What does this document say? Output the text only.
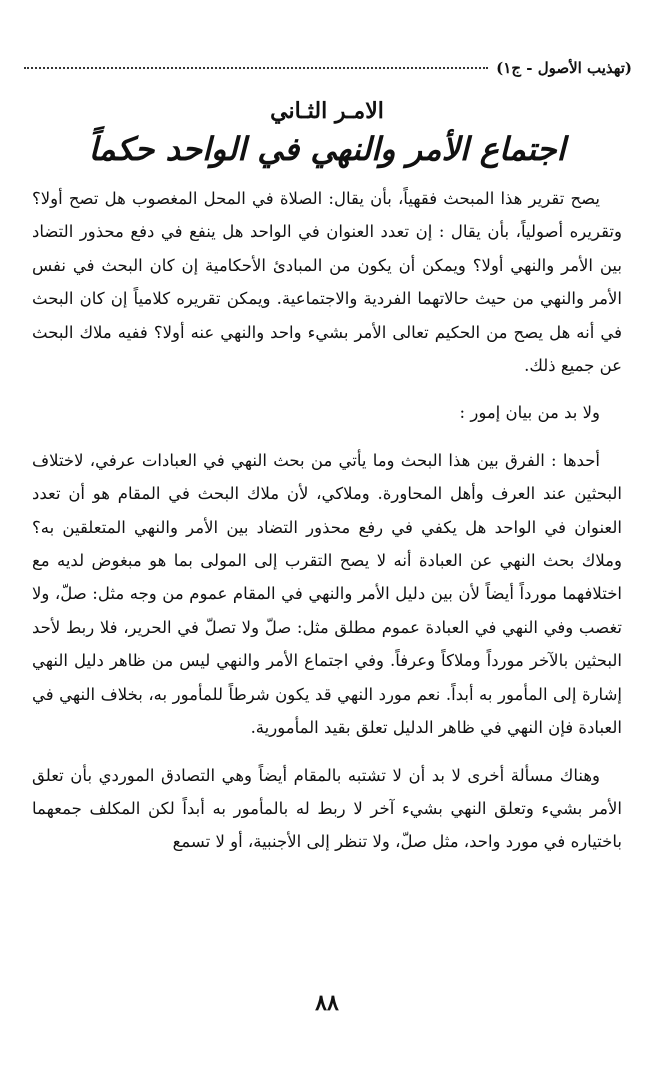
(تهذيب الأصول - ج١)
الامـر الثـاني
اجتماع الأمر والنهي في الواحد حكماً

يصح تقرير هذا المبحث فقهياً، بأن يقال: الصلاة في المحل المغصوب هل تصح أولا؟ وتقريره أصولياً، بأن يقال : إن تعدد العنوان في الواحد هل ينفع في دفع محذور التضاد بين الأمر والنهي أولا؟ ويمكن أن يكون من المبادئ الأحكامية إن كان البحث في نفس الأمر والنهي من حيث حالاتهما الفردية والاجتماعية. ويمكن تقريره كلامياً إن كان البحث في أنه هل يصح من الحكيم تعالى الأمر بشيء واحد والنهي عنه أولا؟ ففيه ملاك البحث عن جميع ذلك.

ولا بد من بيان إمور :

أحدها : الفرق بين هذا البحث وما يأتي من بحث النهي في العبادات عرفي، لاختلاف البحثين عند العرف وأهل المحاورة. وملاكي، لأن ملاك البحث في المقام هو أن تعدد العنوان في الواحد هل يكفي في رفع محذور التضاد بين الأمر والنهي المتعلقين به؟ وملاك بحث النهي عن العبادة أنه لا يصح التقرب إلى المولى بما هو مبغوض لديه مع اختلافهما مورداً أيضاً لأن بين دليل الأمر والنهي في المقام عموم من وجه مثل: صلّ، ولا تغصب وفي النهي في العبادة عموم مطلق مثل: صلّ ولا تصلّ في الحرير، فلا ربط لأحد البحثين بالآخر مورداً وملاكاً وعرفاً. وفي اجتماع الأمر والنهي ليس من ظاهر دليل النهي إشارة إلى المأمور به أبداً. نعم مورد النهي قد يكون شرطاً للمأمور به، بخلاف النهي في العبادة فإن النهي في ظاهر الدليل تعلق بقيد المأمورية.

وهناك مسألة أخرى لا بد أن لا تشتبه بالمقام أيضاً وهي التصادق الموردي بأن تعلق الأمر بشيء وتعلق النهي بشيء آخر لا ربط له بالمأمور به أبداً لكن المكلف جمعهما باختياره في مورد واحد، مثل صلّ، ولا تنظر إلى الأجنبية، أو لا تسمع

٨٨
